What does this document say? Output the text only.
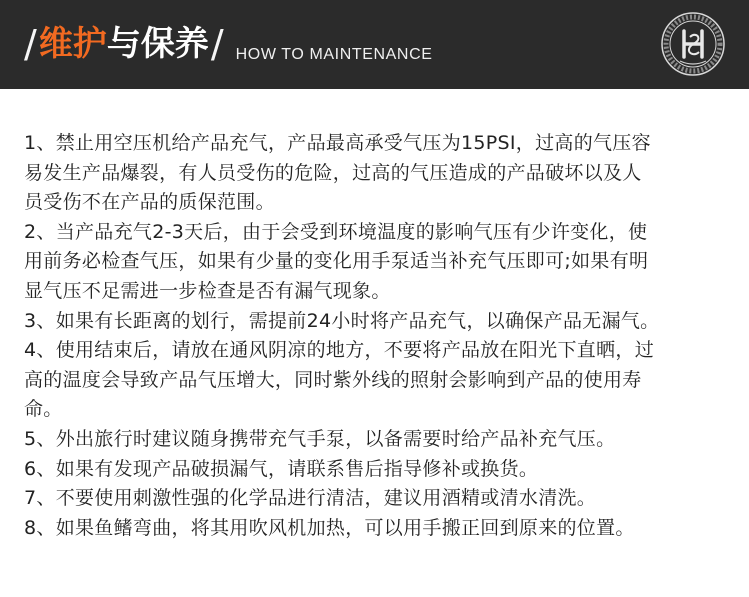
/ 维护与保养 / HOW TO MAINTENANCE

1、禁止用空压机给产品充气，产品最高承受气压为15PSI，过高的气压容

易发生产品爆裂，有人员受伤的危险，过高的气压造成的产品破坏以及人

员受伤不在产品的质保范围。

2、当产品充气2-3天后，由于会受到环境温度的影响气压有少许变化，使

用前务必检查气压，如果有少量的变化用手泵适当补充气压即可;如果有明

显气压不足需进一步检查是否有漏气现象。

3、如果有长距离的划行，需提前24小时将产品充气，以确保产品无漏气。

4、使用结束后，请放在通风阴凉的地方，不要将产品放在阳光下直晒，过

高的温度会导致产品气压增大，同时紫外线的照射会影响到产品的使用寿

命。

5、外出旅行时建议随身携带充气手泵，以备需要时给产品补充气压。

6、如果有发现产品破损漏气，请联系售后指导修补或换货。

7、不要使用刺激性强的化学品进行清洁，建议用酒精或清水清洗。

8、如果鱼鳍弯曲，将其用吹风机加热，可以用手搬正回到原来的位置。
